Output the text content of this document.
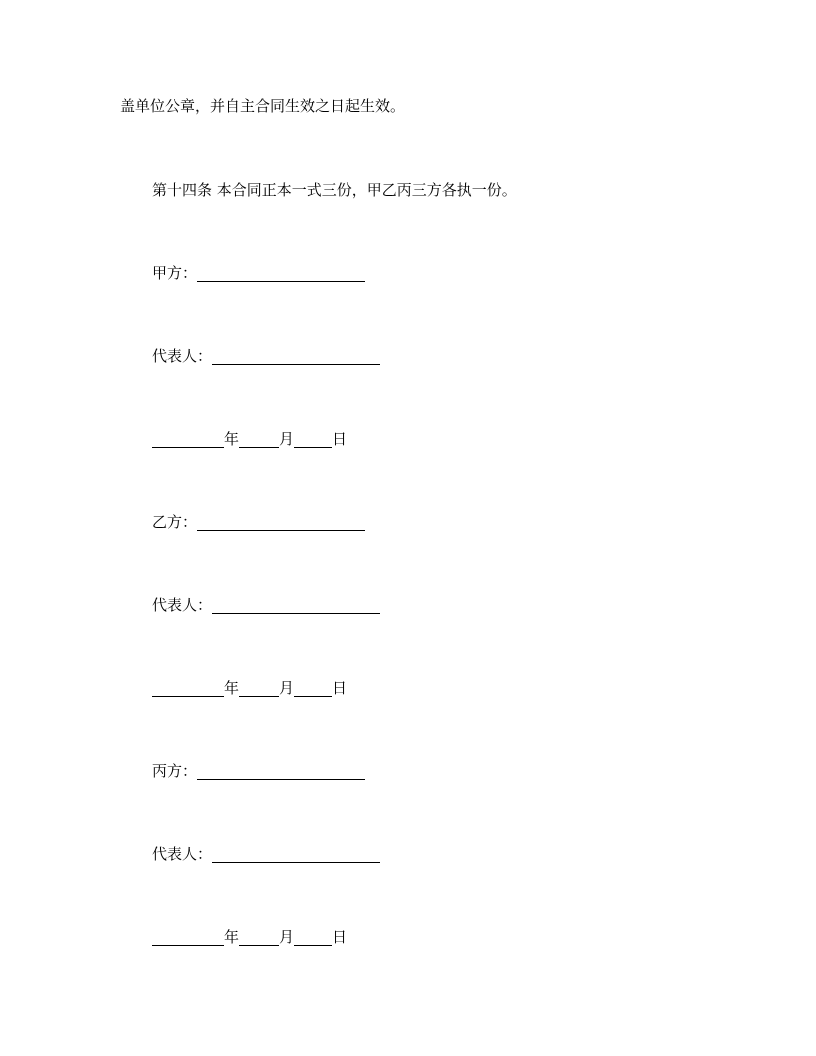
盖单位公章，并自主合同生效之日起生效。
第十四条 本合同正本一式三份，甲乙丙三方各执一份。
甲方：
代表人：
年	月	日
乙方：
代表人：
年	月	日
丙方：
代表人：
年	月	日
